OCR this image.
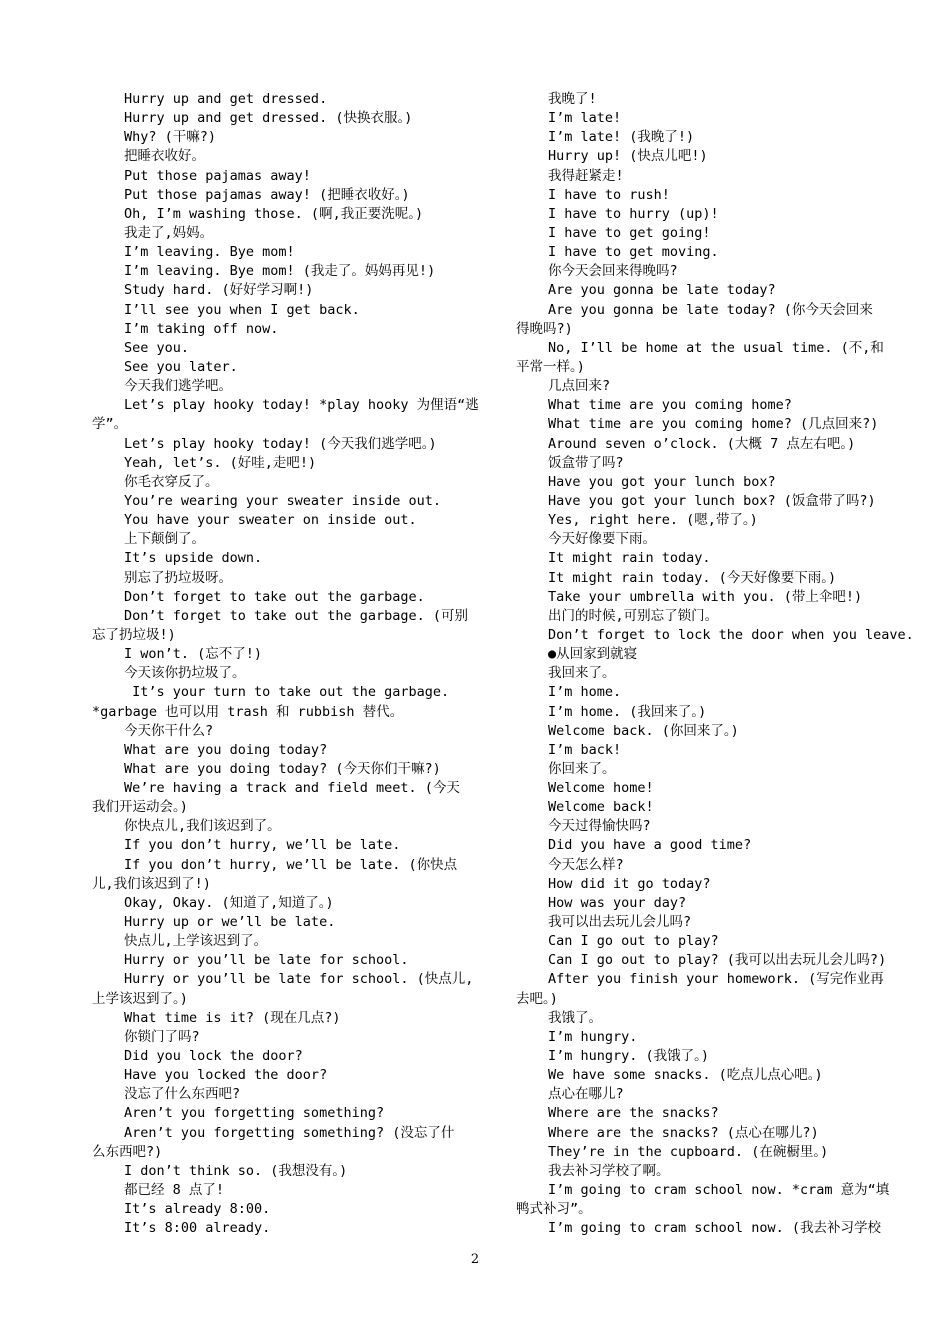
Hurry up and get dressed.
Hurry up and get dressed. (快换衣服。)
Why? (干嘛?)
把睡衣收好。
Put those pajamas away!
Put those pajamas away! (把睡衣收好。)
Oh, I’m washing those. (啊,我正要洗呢。)
我走了,妈妈。
I’m leaving. Bye mom!
I’m leaving. Bye mom! (我走了。妈妈再见!)
Study hard. (好好学习啊!)
I’ll see you when I get back.
I’m taking off now.
See you.
See you later.
今天我们逃学吧。
Let’s play hooky today! *play hooky 为俚语“逃
学”。
Let’s play hooky today! (今天我们逃学吧。)
Yeah, let’s. (好哇,走吧!)
你毛衣穿反了。
You’re wearing your sweater inside out.
You have your sweater on inside out.
上下颠倒了。
It’s upside down.
别忘了扔垃圾呀。
Don’t forget to take out the garbage.
Don’t forget to take out the garbage. (可别
忘了扔垃圾!)
I won’t. (忘不了!)
今天该你扔垃圾了。
It’s your turn to take out the garbage.
*garbage 也可以用 trash 和 rubbish 替代。
今天你干什么?
What are you doing today?
What are you doing today? (今天你们干嘛?)
We’re having a track and field meet. (今天
我们开运动会。)
你快点儿,我们该迟到了。
If you don’t hurry, we’ll be late.
If you don’t hurry, we’ll be late. (你快点
儿,我们该迟到了!)
Okay, Okay. (知道了,知道了。)
Hurry up or we’ll be late.
快点儿,上学该迟到了。
Hurry or you’ll be late for school.
Hurry or you’ll be late for school. (快点儿,
上学该迟到了。)
What time is it? (现在几点?)
你锁门了吗?
Did you lock the door?
Have you locked the door?
没忘了什么东西吧?
Aren’t you forgetting something?
Aren’t you forgetting something? (没忘了什
么东西吧?)
I don’t think so. (我想没有。)
都已经 8 点了!
It’s already 8:00.
It’s 8:00 already.
我晚了!
I’m late!
I’m late! (我晚了!)
Hurry up! (快点儿吧!)
我得赶紧走!
I have to rush!
I have to hurry (up)!
I have to get going!
I have to get moving.
你今天会回来得晚吗?
Are you gonna be late today?
Are you gonna be late today? (你今天会回来
得晚吗?)
No, I’ll be home at the usual time. (不,和
平常一样。)
几点回来?
What time are you coming home?
What time are you coming home? (几点回来?)
Around seven o’clock. (大概 7 点左右吧。)
饭盒带了吗?
Have you got your lunch box?
Have you got your lunch box? (饭盒带了吗?)
Yes, right here. (嗯,带了。)
今天好像要下雨。
It might rain today.
It might rain today. (今天好像要下雨。)
Take your umbrella with you. (带上伞吧!)
出门的时候,可别忘了锁门。
Don’t forget to lock the door when you leave.
●从回家到就寝
我回来了。
I’m home.
I’m home. (我回来了。)
Welcome back. (你回来了。)
I’m back!
你回来了。
Welcome home!
Welcome back!
今天过得愉快吗?
Did you have a good time?
今天怎么样?
How did it go today?
How was your day?
我可以出去玩儿会儿吗?
Can I go out to play?
Can I go out to play? (我可以出去玩儿会儿吗?)
After you finish your homework. (写完作业再
去吧。)
我饿了。
I’m hungry.
I’m hungry. (我饿了。)
We have some snacks. (吃点儿点心吧。)
点心在哪儿?
Where are the snacks?
Where are the snacks? (点心在哪儿?)
They’re in the cupboard. (在碗橱里。)
我去补习学校了啊。
I’m going to cram school now. *cram 意为“填
鸭式补习”。
I’m going to cram school now. (我去补习学校
2
